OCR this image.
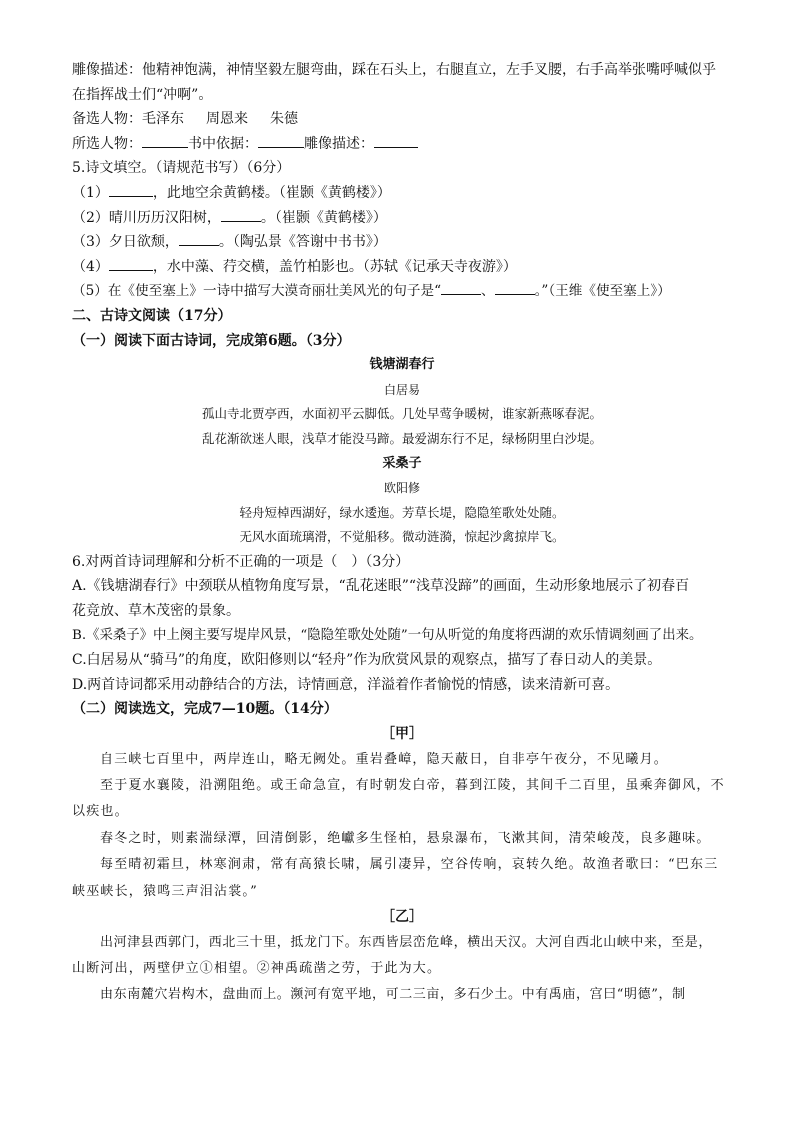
雕像描述：他精神饱满，神情坚毅左腿弯曲，踩在石头上，右腿直立，左手叉腰，右手高举张嘴呼喊似乎
在指挥战士们“冲啊”。
备选人物：毛泽东 周恩来 朱德
所选人物：	书中依据：	雕像描述：
5.诗文填空。（请规范书写）（6分）
（1）	，此地空余黄鹤楼。（崔颢《黄鹤楼》）
（2）晴川历历汉阳树，	。（崔颢《黄鹤楼》）
（3）夕日欲颓，	。（陶弘景《答谢中书书》）
（4）	，水中藻、荇交横，盖竹柏影也。（苏轼《记承天寺夜游》）
（5）在《使至塞上》一诗中描写大漠奇丽壮美风光的句子是“	、	。”（王维《使至塞上》）
二、古诗文阅读（17分）
（一）阅读下面古诗词，完成第6题。（3分）
钱塘湖春行
白居易
孤山寺北贾亭西，水面初平云脚低。几处早莺争暖树，谁家新燕啄春泥。
乱花渐欲迷人眼，浅草才能没马蹄。最爱湖东行不足，绿杨阴里白沙堤。
采桑子
欧阳修
轻舟短棹西湖好，绿水逶迤。芳草长堤，隐隐笙歌处处随。
无风水面琉璃滑，不觉船移。微动涟漪，惊起沙禽掠岸飞。
6.对两首诗词理解和分析不正确的一项是（　）（3分）
A.《钱塘湖春行》中颈联从植物角度写景，“乱花迷眼”“浅草没蹄”的画面，生动形象地展示了初春百
花竞放、草木茂密的景象。
B.《采桑子》中上阕主要写堤岸风景，“隐隐笙歌处处随”一句从听觉的角度将西湖的欢乐情调刻画了出来。
C.白居易从“骑马”的角度，欧阳修则以“轻舟”作为欣赏风景的观察点，描写了春日动人的美景。
D.两首诗词都采用动静结合的方法，诗情画意，洋溢着作者愉悦的情感，读来清新可喜。
（二）阅读选文，完成7—10题。（14分）
［甲］
自三峡七百里中，两岸连山，略无阙处。重岩叠嶂，隐天蔽日，自非亭午夜分，不见曦月。
至于夏水襄陵，沿溯阻绝。或王命急宣，有时朝发白帝，暮到江陵，其间千二百里，虽乘奔御风，不
以疾也。
春冬之时，则素湍绿潭，回清倒影，绝巘多生怪柏，悬泉瀑布，飞漱其间，清荣峻茂，良多趣味。
每至晴初霜旦，林寒涧肃，常有高猿长啸，属引凄异，空谷传响，哀转久绝。故渔者歌曰：“巴东三
峡巫峡长，猿鸣三声泪沾裳。”
［乙］
出河津县西郭门，西北三十里，抵龙门下。东西皆层峦危峰，横出天汉。大河自西北山峡中来，至是，
山断河出，两壁伊立①相望。②神禹疏凿之劳，于此为大。
由东南麓穴岩构木，盘曲而上。濒河有宽平地，可二三亩，多石少土。中有禹庙，宫曰“明德”，制
